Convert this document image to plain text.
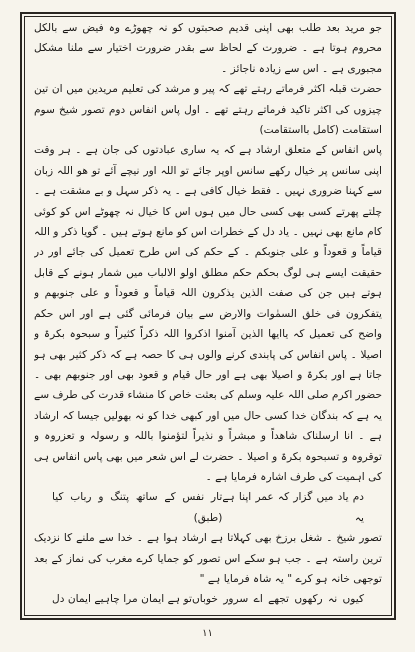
جو مرید بعد طلب بھی اپنی قدیم صحبتوں کو نہ چھوڑے وہ فیض سے بالکل محروم ہوتا ہے ۔ ضرورت کے لحاظ سے بقدر ضرورت اختیار سے ملنا مشکل مجبوری ہے ۔ اس سے زیادہ ناجائز ۔

حضرت قبلہ اکثر فرماتے رہتے تھے کہ پیر و مرشد کی تعلیم مریدین میں ان تین چیزوں کی اکثر تاکید فرماتے رہتے تھے ۔ اول پاس انفاس دوم تصور شیخ سوم استقامت (کامل بااستقامت)

پاس انفاس کے متعلق ارشاد ہے کہ یہ ساری عبادتوں کی جان ہے ۔ ہر وقت اپنی سانس پر خیال رکھے سانس اوپر جائے تو اللہ اور نیچے آئے تو ھو اللہ زبان سے کہنا ضروری نہیں ۔ فقط خیال کافی ہے ۔ یہ ذکر سہل و بے مشقت ہے ۔ چلتے پھرتے کسی بھی کسی حال میں ہوں اس کا خیال نہ چھوٹے اس کو کوئی کام مانع بھی نہیں ۔ یاد دل کے خطرات اس کو مانع ہوتے ہیں ۔ گویا ذکر و اللہ قیاماً و قعوداً و علی جنوبکم ۔ کے حکم کی اس طرح تعمیل کی جائے اور در حقیقت ایسے ہی لوگ بحکم حکم مطلق اولو الالباب میں شمار ہونے کے قابل ہوتے ہیں جن کی صفت الذین یذکرون اللہ قیاماً و قعوداً و علی جنوبھم و یتفکرون فی خلق السمٰوات والارض سے بیان فرمائی گئی ہے اور اس حکم واضح کی تعمیل کہ یاایھا الذین آمنوا اذکروا اللہ ذکراً کثیراً و سبحوہ بکرۃ و اصیلا ۔ پاس انفاس کی پابندی کرنے والوں ہی کا حصہ ہے کہ ذکر کثیر بھی ہو جاتا ہے اور بکرۃ و اصیلا بھی ہے اور حال قیام و قعود بھی اور جنوبھم بھی ۔ حضور اکرم صلی اللہ علیہ وسلم کی بعثت خاص کا منشاء قدرت کی طرف سے یہ ہے کہ بندگان خدا کسی حال میں اور کبھی خدا کو نہ بھولیں جیسا کہ ارشاد ہے ۔ انا ارسلناک شاھداً و مبشراً و نذیراً لتؤمنوا باللہ و رسولہ و تعزروہ و توقروہ و تسبحوہ بکرۃ و اصیلا ۔ حضرت لے اس شعر میں بھی پاس انفاس ہی کی اہمیت کی طرف اشارہ فرمایا ہے ۔

دم یاد میں گزار کہ عمر اپنا ہے یہ
تار نفس کے ساتھ پتنگ و رباب کیا (طبق)

تصور شیخ ۔ شغل برزخ بھی کہلاتا ہے ارشاد ہوا ہے ۔ خدا سے ملنے کا نزدیک ترین راستہ ہے ۔ جب ہو سکے اس تصور کو جمایا کرے مغرب کی نماز کے بعد توجھی خانہ ہو کرے " یہ شاہ فرمایا ہے "

کیوں نہ رکھوں تجھے اے سرور خوباں
تو ہے ایمان مرا چاہیے ایمان دل

۱۱
